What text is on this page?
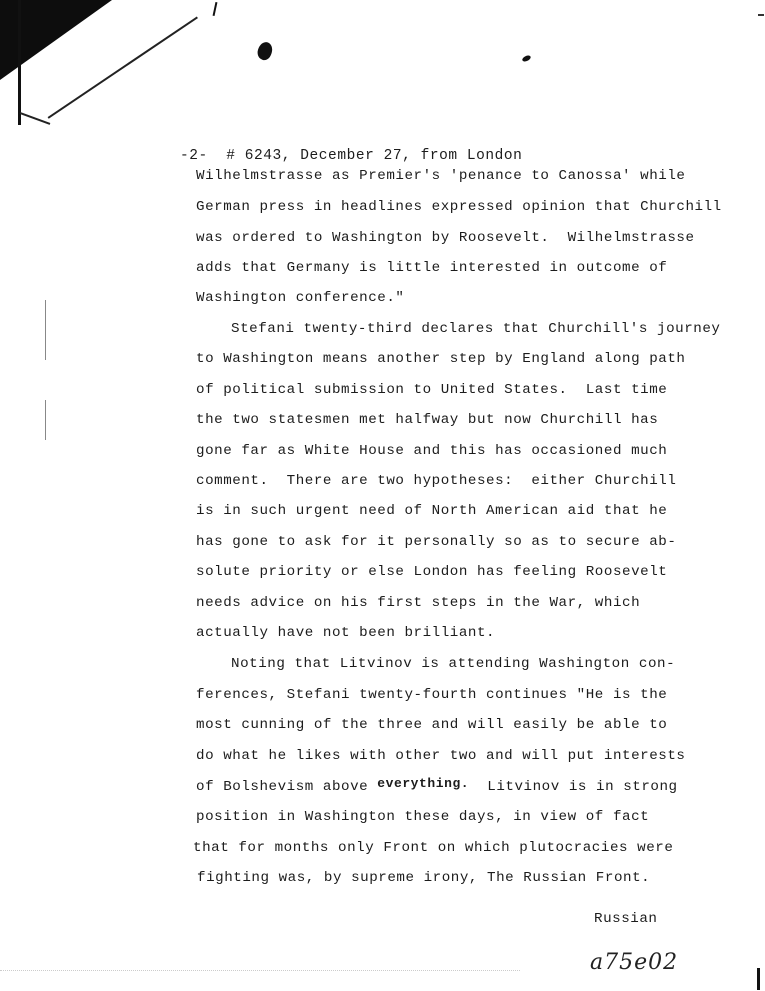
-2- # 6243, December 27, from London

Wilhelmstrasse as Premier's 'penance to Canossa' while
German press in headlines expressed opinion that Churchill
was ordered to Washington by Roosevelt.  Wilhelmstrasse
adds that Germany is little interested in outcome of
Washington conference."
Stefani twenty-third declares that Churchill's journey
to Washington means another step by England along path
of political submission to United States.  Last time
the two statesmen met halfway but now Churchill has
gone far as White House and this has occasioned much
comment.  There are two hypotheses:  either Churchill
is in such urgent need of North American aid that he
has gone to ask for it personally so as to secure ab-
solute priority or else London has feeling Roosevelt
needs advice on his first steps in the War, which
actually have not been brilliant.
Noting that Litvinov is attending Washington con-
ferences, Stefani twenty-fourth continues "He is the
most cunning of the three and will easily be able to
do what he likes with other two and will put interests
of Bolshevism above everything.  Litvinov is in strong
position in Washington these days, in view of fact
that for months only Front on which plutocracies were
fighting was, by supreme irony, The Russian Front.
Russian
a75e02
